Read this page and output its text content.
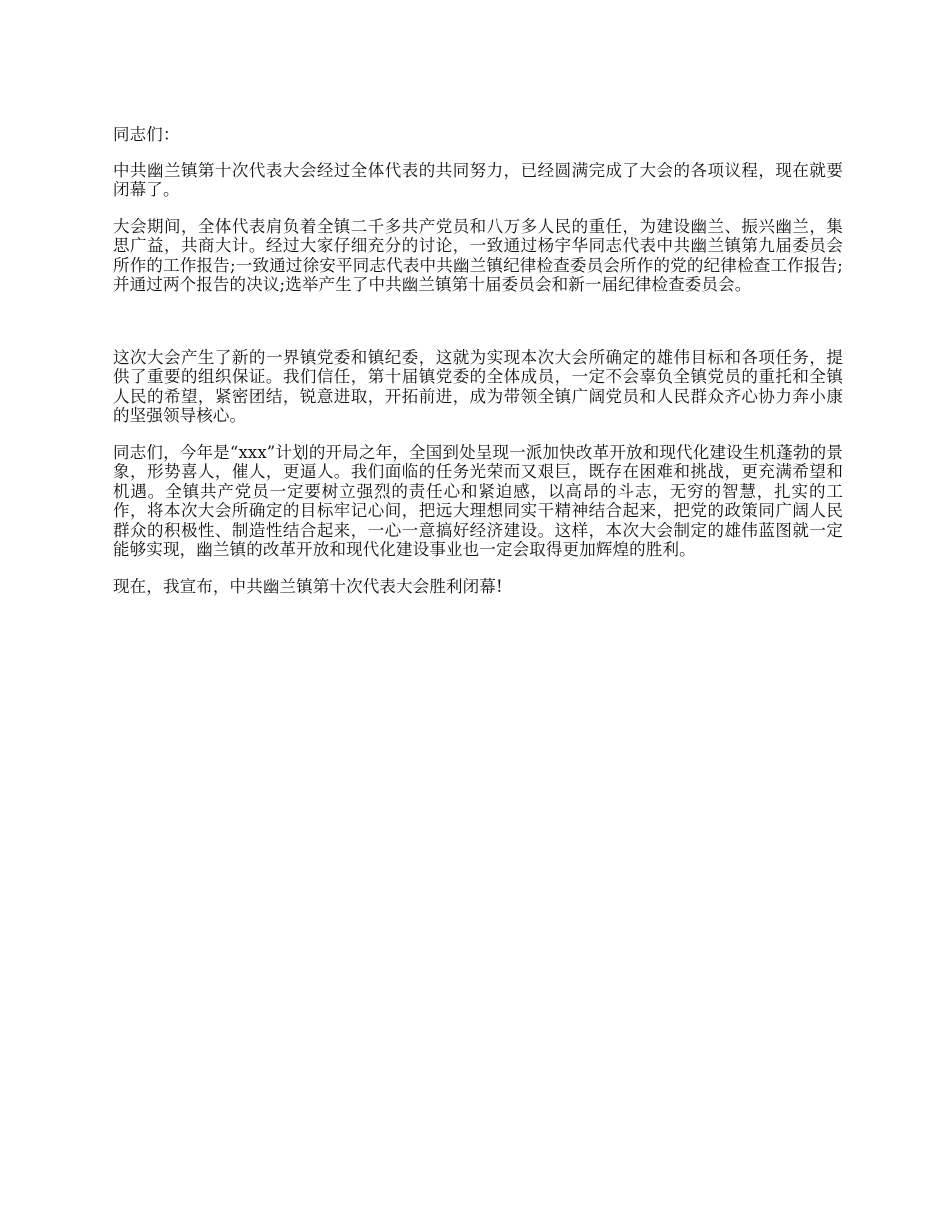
同志们：

中共幽兰镇第十次代表大会经过全体代表的共同努力，已经圆满完成了大会的各项议程，现在就要闭幕了。

大会期间，全体代表肩负着全镇二千多共产党员和八万多人民的重任，为建设幽兰、振兴幽兰，集思广益，共商大计。经过大家仔细充分的讨论，一致通过杨宇华同志代表中共幽兰镇第九届委员会所作的工作报告;一致通过徐安平同志代表中共幽兰镇纪律检查委员会所作的党的纪律检查工作报告;并通过两个报告的决议;选举产生了中共幽兰镇第十届委员会和新一届纪律检查委员会。

这次大会产生了新的一界镇党委和镇纪委，这就为实现本次大会所确定的雄伟目标和各项任务，提供了重要的组织保证。我们信任，第十届镇党委的全体成员，一定不会辜负全镇党员的重托和全镇人民的希望，紧密团结，锐意进取，开拓前进，成为带领全镇广阔党员和人民群众齐心协力奔小康的坚强领导核心。

同志们，今年是“xxx”计划的开局之年，全国到处呈现一派加快改革开放和现代化建设生机蓬勃的景象，形势喜人，催人，更逼人。我们面临的任务光荣而又艰巨，既存在困难和挑战，更充满希望和机遇。全镇共产党员一定要树立强烈的责任心和紧迫感，以高昂的斗志，无穷的智慧，扎实的工作，将本次大会所确定的目标牢记心间，把远大理想同实干精神结合起来，把党的政策同广阔人民群众的积极性、制造性结合起来，一心一意搞好经济建设。这样，本次大会制定的雄伟蓝图就一定能够实现，幽兰镇的改革开放和现代化建设事业也一定会取得更加辉煌的胜利。

现在，我宣布，中共幽兰镇第十次代表大会胜利闭幕!
